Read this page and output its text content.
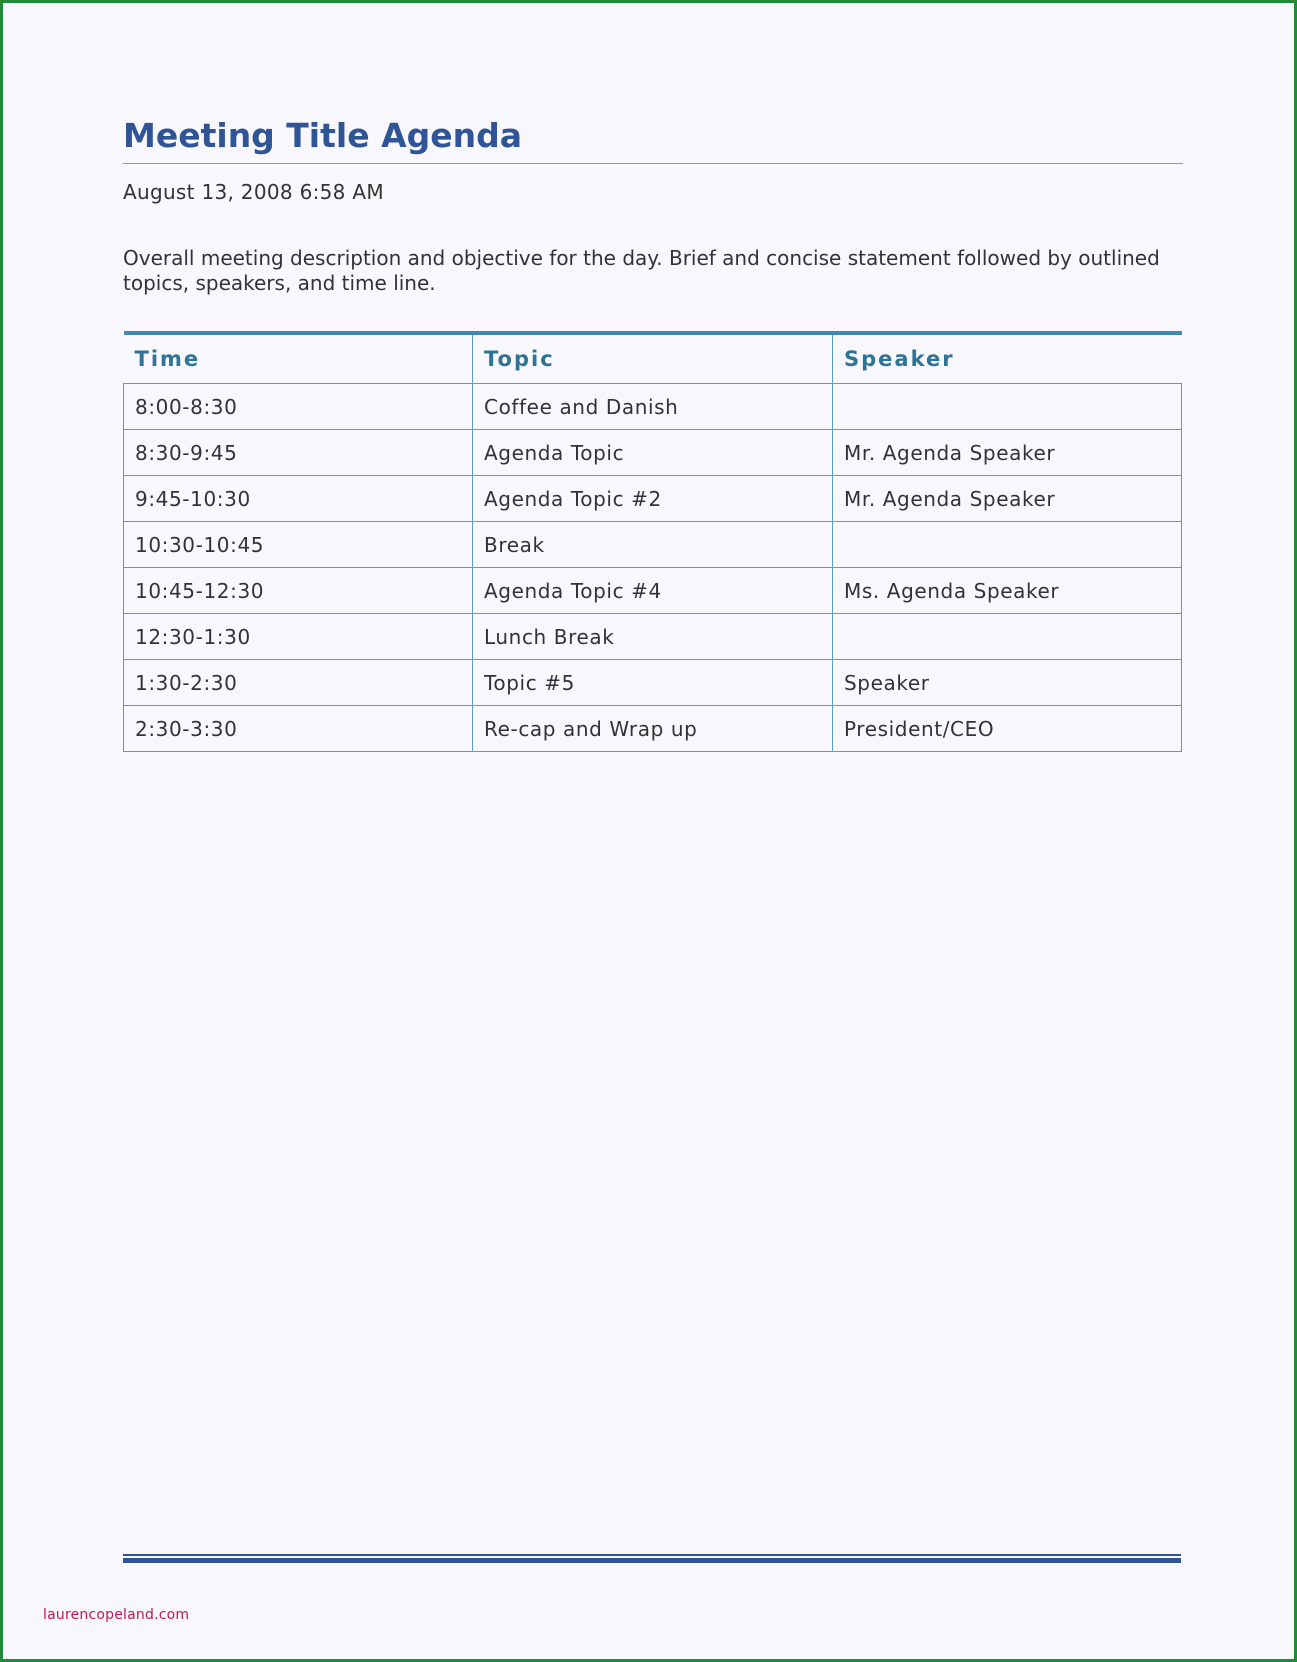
Meeting Title Agenda
August 13, 2008 6:58 AM
Overall meeting description and objective for the day. Brief and concise statement followed by outlined topics, speakers, and time line.
Time	Topic	Speaker
8:00-8:30	Coffee and Danish	
8:30-9:45	Agenda Topic	Mr. Agenda Speaker
9:45-10:30	Agenda Topic #2	Mr. Agenda Speaker
10:30-10:45	Break	
10:45-12:30	Agenda Topic #4	Ms. Agenda Speaker
12:30-1:30	Lunch Break	
1:30-2:30	Topic #5	Speaker
2:30-3:30	Re-cap and Wrap up	President/CEO
laurencopeland.com
